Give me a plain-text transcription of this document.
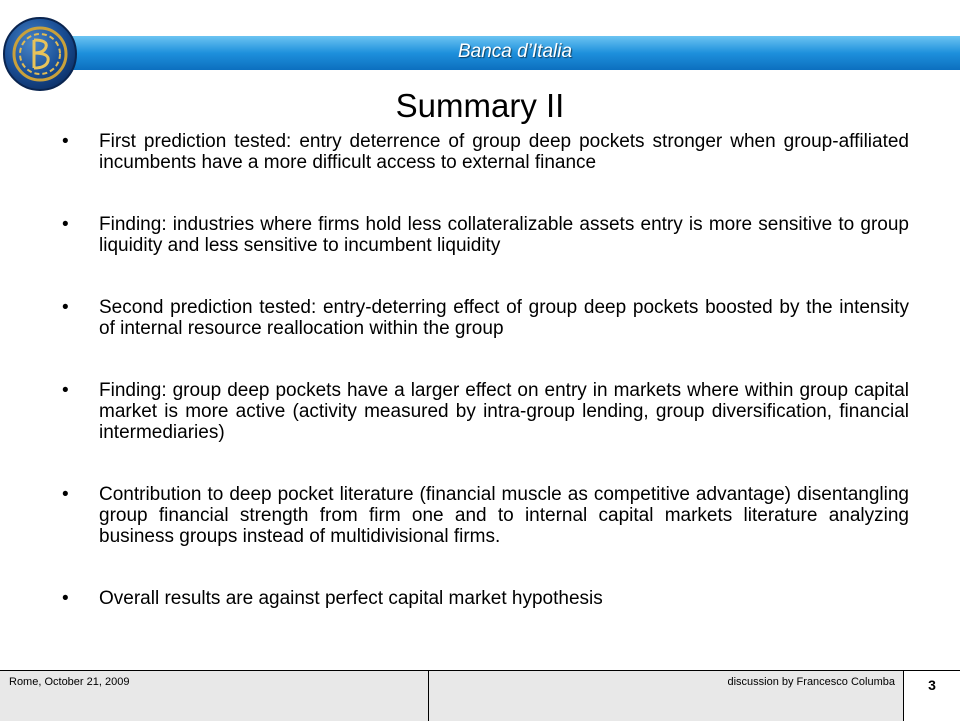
Banca d’Italia
Summary II
• First prediction tested: entry deterrence of group deep pockets stronger when group-affiliated incumbents have a more difficult access to external finance
• Finding: industries where firms hold less collateralizable assets entry is more sensitive to group liquidity and less sensitive to incumbent liquidity
• Second prediction tested: entry-deterring effect of group deep pockets boosted by the intensity of internal resource reallocation within the group
• Finding: group deep pockets have a larger effect on entry in markets where within group capital market is more active (activity measured by intra-group lending, group diversification, financial intermediaries)
• Contribution to deep pocket literature (financial muscle as competitive advantage) disentangling group financial strength from firm one and to internal capital markets literature analyzing business groups instead of multidivisional firms.
• Overall results are against perfect capital market hypothesis
Rome, October 21, 2009	discussion by Francesco Columba	3
